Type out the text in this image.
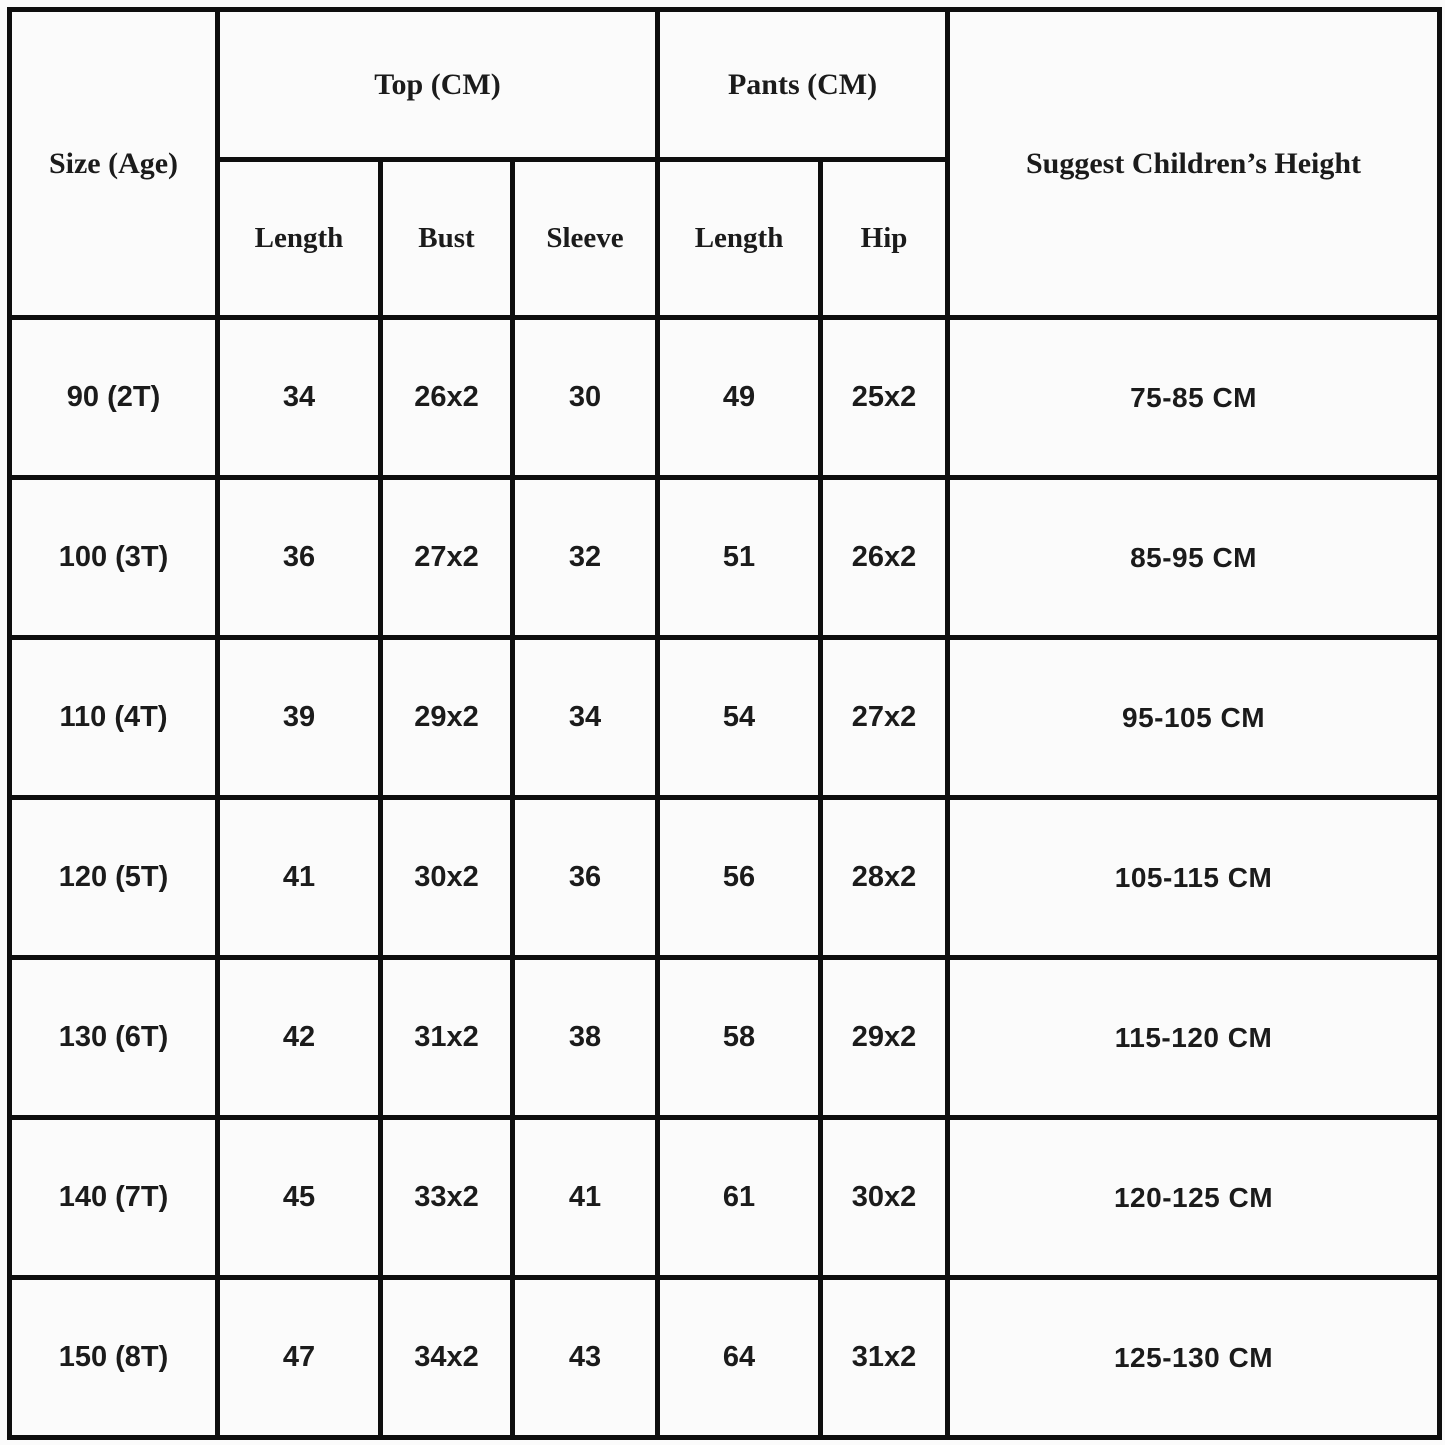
Size (Age)	Top (CM)			Pants (CM)		Suggest Children’s Height
	Length	Bust	Sleeve	Length	Hip	
90 (2T)	34	26x2	30	49	25x2	75-85 CM
100 (3T)	36	27x2	32	51	26x2	85-95 CM
110 (4T)	39	29x2	34	54	27x2	95-105 CM
120 (5T)	41	30x2	36	56	28x2	105-115 CM
130 (6T)	42	31x2	38	58	29x2	115-120 CM
140 (7T)	45	33x2	41	61	30x2	120-125 CM
150 (8T)	47	34x2	43	64	31x2	125-130 CM
